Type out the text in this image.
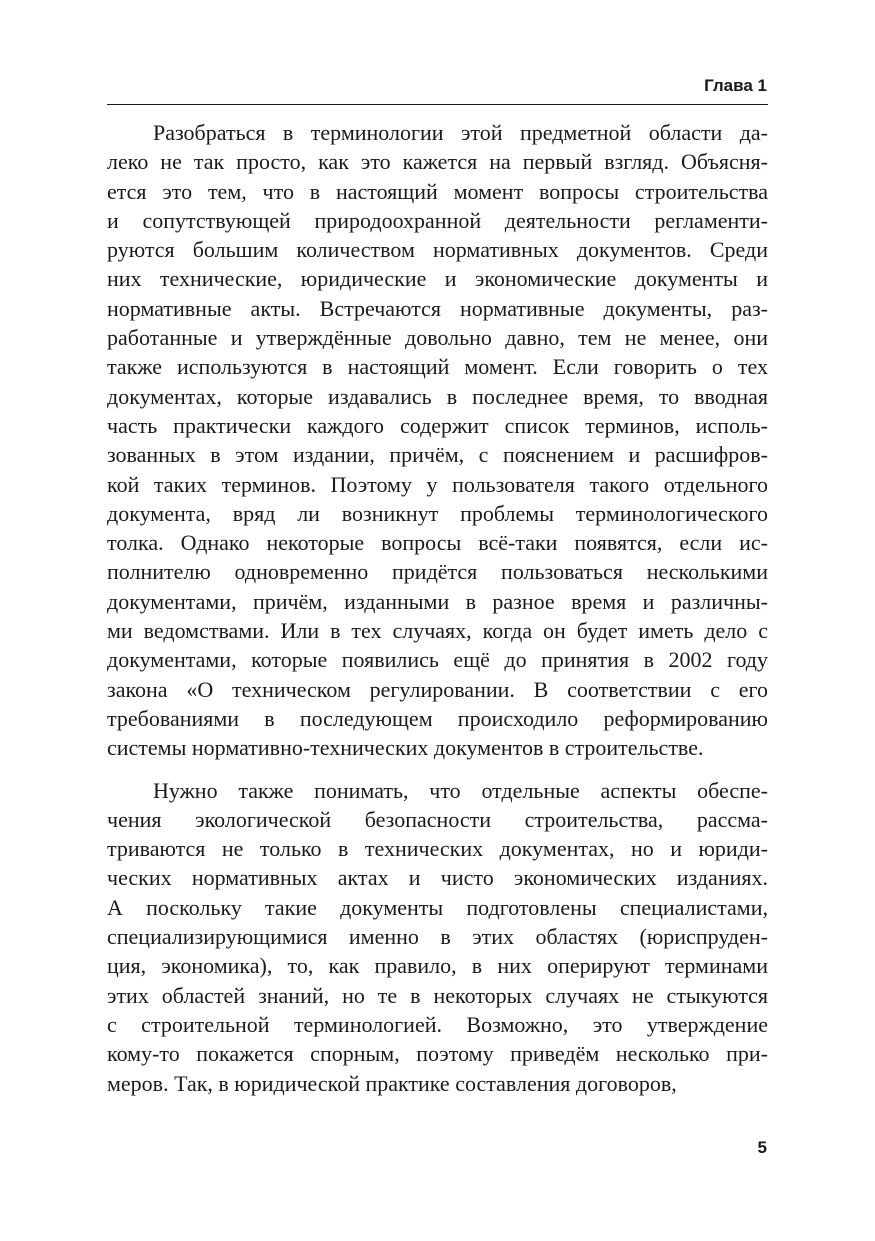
Глава 1

Разобраться в терминологии этой предметной области да-
леко не так просто, как это кажется на первый взгляд. Объясня-
ется это тем, что в настоящий момент вопросы строительства
и сопутствующей природоохранной деятельности регламенти-
руются большим количеством нормативных документов. Среди
них технические, юридические и экономические документы и
нормативные акты. Встречаются нормативные документы, раз-
работанные и утверждённые довольно давно, тем не менее, они
также используются в настоящий момент. Если говорить о тех
документах, которые издавались в последнее время, то вводная
часть практически каждого содержит список терминов, исполь-
зованных в этом издании, причём, с пояснением и расшифров-
кой таких терминов. Поэтому у пользователя такого отдельного
документа, вряд ли возникнут проблемы терминологического
толка. Однако некоторые вопросы всё-таки появятся, если ис-
полнителю одновременно придётся пользоваться несколькими
документами, причём, изданными в разное время и различны-
ми ведомствами. Или в тех случаях, когда он будет иметь дело с
документами, которые появились ещё до принятия в 2002 году
закона «О техническом регулировании. В соответствии с его
требованиями в последующем происходило реформированию
системы нормативно-технических документов в строительстве.

Нужно также понимать, что отдельные аспекты обеспе-
чения экологической безопасности строительства, рассма-
триваются не только в технических документах, но и юриди-
ческих нормативных актах и чисто экономических изданиях.
А поскольку такие документы подготовлены специалистами,
специализирующимися именно в этих областях (юриспруден-
ция, экономика), то, как правило, в них оперируют терминами
этих областей знаний, но те в некоторых случаях не стыкуются
с строительной терминологией. Возможно, это утверждение
кому-то покажется спорным, поэтому приведём несколько при-
меров. Так, в юридической практике составления договоров,

5
